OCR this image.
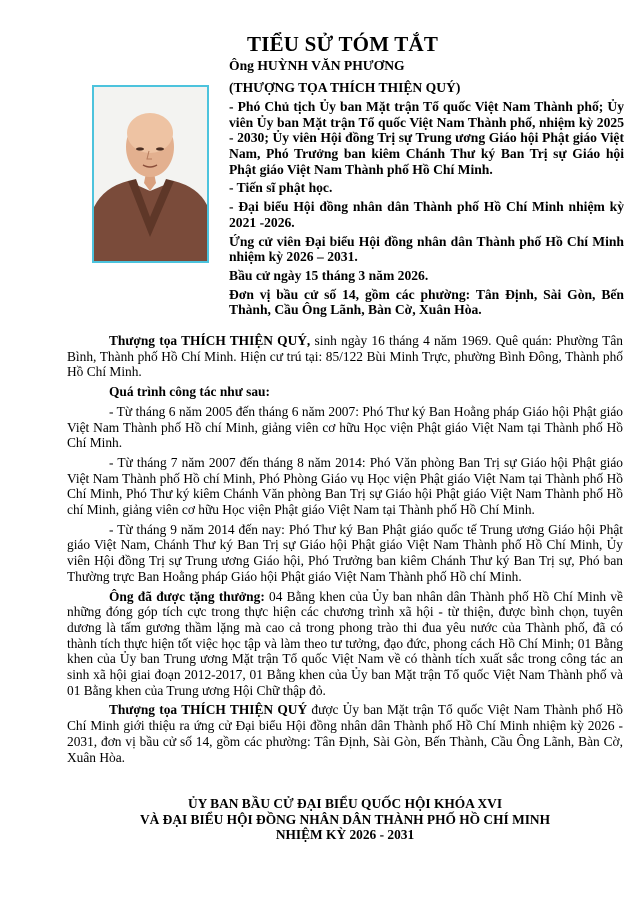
TIỂU SỬ TÓM TẮT

Ông HUỲNH VĂN PHƯƠNG

(THƯỢNG TỌA THÍCH THIỆN QUÝ)

- Phó Chủ tịch Ủy ban Mặt trận Tổ quốc Việt Nam Thành phố; Ủy viên Ủy ban Mặt trận Tổ quốc Việt Nam Thành phố, nhiệm kỳ 2025 - 2030; Ủy viên Hội đồng Trị sự Trung ương Giáo hội Phật giáo Việt Nam, Phó Trưởng ban kiêm Chánh Thư ký Ban Trị sự Giáo hội Phật giáo Việt Nam Thành phố Hồ Chí Minh.

- Tiến sĩ phật học.

- Đại biểu Hội đồng nhân dân Thành phố Hồ Chí Minh nhiệm kỳ 2021 -2026.

Ứng cử viên Đại biểu Hội đồng nhân dân Thành phố Hồ Chí Minh nhiệm kỳ 2026 – 2031.

Bầu cử ngày 15 tháng 3 năm 2026.

Đơn vị bầu cử số 14, gồm các phường: Tân Định, Sài Gòn, Bến Thành, Cầu Ông Lãnh, Bàn Cờ, Xuân Hòa.

Thượng tọa THÍCH THIỆN QUÝ, sinh ngày 16 tháng 4 năm 1969. Quê quán: Phường Tân Bình, Thành phố Hồ Chí Minh. Hiện cư trú tại: 85/122 Bùi Minh Trực, phường Bình Đông, Thành phố Hồ Chí Minh.

Quá trình công tác như sau:

- Từ tháng 6 năm 2005 đến tháng 6 năm 2007: Phó Thư ký Ban Hoằng pháp Giáo hội Phật giáo Việt Nam Thành phố Hồ chí Minh, giảng viên cơ hữu Học viện Phật giáo Việt Nam tại Thành phố Hồ Chí Minh.

- Từ tháng 7 năm 2007 đến tháng 8 năm 2014: Phó Văn phòng Ban Trị sự Giáo hội Phật giáo Việt Nam Thành phố Hồ chí Minh, Phó Phòng Giáo vụ Học viện Phật giáo Việt Nam tại Thành phố Hồ Chí Minh, Phó Thư ký kiêm Chánh Văn phòng Ban Trị sự Giáo hội Phật giáo Việt Nam Thành phố Hồ chí Minh, giảng viên cơ hữu Học viện Phật giáo Việt Nam tại Thành phố Hồ Chí Minh.

- Từ tháng 9 năm 2014 đến nay: Phó Thư ký Ban Phật giáo quốc tế Trung ương Giáo hội Phật giáo Việt Nam, Chánh Thư ký Ban Trị sự Giáo hội Phật giáo Việt Nam Thành phố Hồ Chí Minh, Ủy viên Hội đồng Trị sự Trung ương Giáo hội, Phó Trưởng ban kiêm Chánh Thư ký Ban Trị sự, Phó ban Thường trực Ban Hoằng pháp Giáo hội Phật giáo Việt Nam Thành phố Hồ chí Minh.

Ông đã được tặng thưởng: 04 Bằng khen của Ủy ban nhân dân Thành phố Hồ Chí Minh về những đóng góp tích cực trong thực hiện các chương trình xã hội - từ thiện, được bình chọn, tuyên dương là tấm gương thầm lặng mà cao cả trong phong trào thi đua yêu nước của Thành phố, đã có thành tích thực hiện tốt việc học tập và làm theo tư tưởng, đạo đức, phong cách Hồ Chí Minh; 01 Bằng khen của Ủy ban Trung ương Mặt trận Tổ quốc Việt Nam về có thành tích xuất sắc trong công tác an sinh xã hội giai đoạn 2012-2017, 01 Bằng khen của Ủy ban Mặt trận Tổ quốc Việt Nam Thành phố và 01 Bằng khen của Trung ương Hội Chữ thập đỏ.

Thượng tọa THÍCH THIỆN QUÝ được Ủy ban Mặt trận Tổ quốc Việt Nam Thành phố Hồ Chí Minh giới thiệu ra ứng cử Đại biểu Hội đồng nhân dân Thành phố Hồ Chí Minh nhiệm kỳ 2026 - 2031, đơn vị bầu cử số 14, gồm các phường: Tân Định, Sài Gòn, Bến Thành, Cầu Ông Lãnh, Bàn Cờ, Xuân Hòa.

ỦY BAN BẦU CỬ ĐẠI BIỂU QUỐC HỘI KHÓA XVI
VÀ ĐẠI BIỂU HỘI ĐỒNG NHÂN DÂN THÀNH PHỐ HỒ CHÍ MINH
NHIỆM KỲ 2026 - 2031
